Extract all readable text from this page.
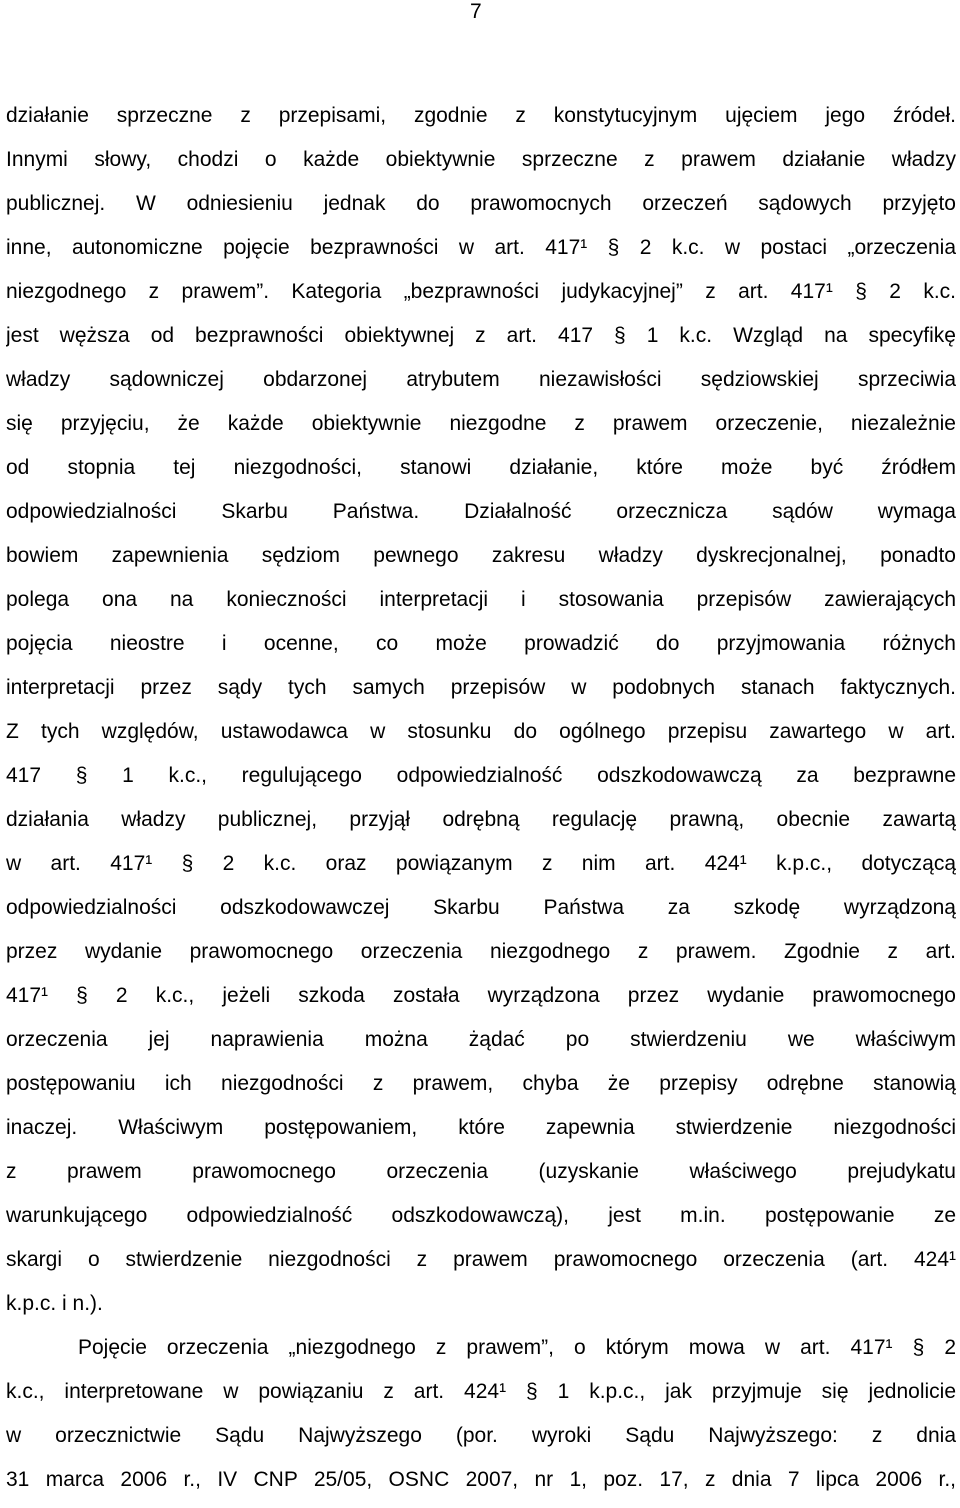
7
działanie sprzeczne z przepisami, zgodnie z konstytucyjnym ujęciem jego źródeł.
Innymi słowy, chodzi o każde obiektywnie sprzeczne z prawem działanie władzy
publicznej. W odniesieniu jednak do prawomocnych orzeczeń sądowych przyjęto
inne, autonomiczne pojęcie bezprawności w art. 417¹ § 2 k.c. w postaci „orzeczenia
niezgodnego z prawem”. Kategoria „bezprawności judykacyjnej” z art. 417¹ § 2 k.c.
jest węższa od bezprawności obiektywnej z art. 417 § 1 k.c. Wzgląd na specyfikę
władzy sądowniczej obdarzonej atrybutem niezawisłości sędziowskiej sprzeciwia
się przyjęciu, że każde obiektywnie niezgodne z prawem orzeczenie, niezależnie
od stopnia tej niezgodności, stanowi działanie, które może być źródłem
odpowiedzialności Skarbu Państwa. Działalność orzecznicza sądów wymaga
bowiem zapewnienia sędziom pewnego zakresu władzy dyskrecjonalnej, ponadto
polega ona na konieczności interpretacji i stosowania przepisów zawierających
pojęcia nieostre i ocenne, co może prowadzić do przyjmowania różnych
interpretacji przez sądy tych samych przepisów w podobnych stanach faktycznych.
Z tych względów, ustawodawca w stosunku do ogólnego przepisu zawartego w art.
417 § 1 k.c., regulującego odpowiedzialność odszkodowawczą za bezprawne
działania władzy publicznej, przyjął odrębną regulację prawną, obecnie zawartą
w art. 417¹ § 2 k.c. oraz powiązanym z nim art. 424¹ k.p.c., dotyczącą
odpowiedzialności odszkodowawczej Skarbu Państwa za szkodę wyrządzoną
przez wydanie prawomocnego orzeczenia niezgodnego z prawem. Zgodnie z art.
417¹ § 2 k.c., jeżeli szkoda została wyrządzona przez wydanie prawomocnego
orzeczenia jej naprawienia można żądać po stwierdzeniu we właściwym
postępowaniu ich niezgodności z prawem, chyba że przepisy odrębne stanowią
inaczej. Właściwym postępowaniem, które zapewnia stwierdzenie niezgodności
z prawem prawomocnego orzeczenia (uzyskanie właściwego prejudykatu
warunkującego odpowiedzialność odszkodowawczą), jest m.in. postępowanie ze
skargi o stwierdzenie niezgodności z prawem prawomocnego orzeczenia (art. 424¹
k.p.c. i n.).
Pojęcie orzeczenia „niezgodnego z prawem”, o którym mowa w art. 417¹ § 2
k.c., interpretowane w powiązaniu z art. 424¹ § 1 k.p.c., jak przyjmuje się jednolicie
w orzecznictwie Sądu Najwyższego (por. wyroki Sądu Najwyższego: z dnia
31 marca 2006 r., IV CNP 25/05, OSNC 2007, nr 1, poz. 17, z dnia 7 lipca 2006 r.,
